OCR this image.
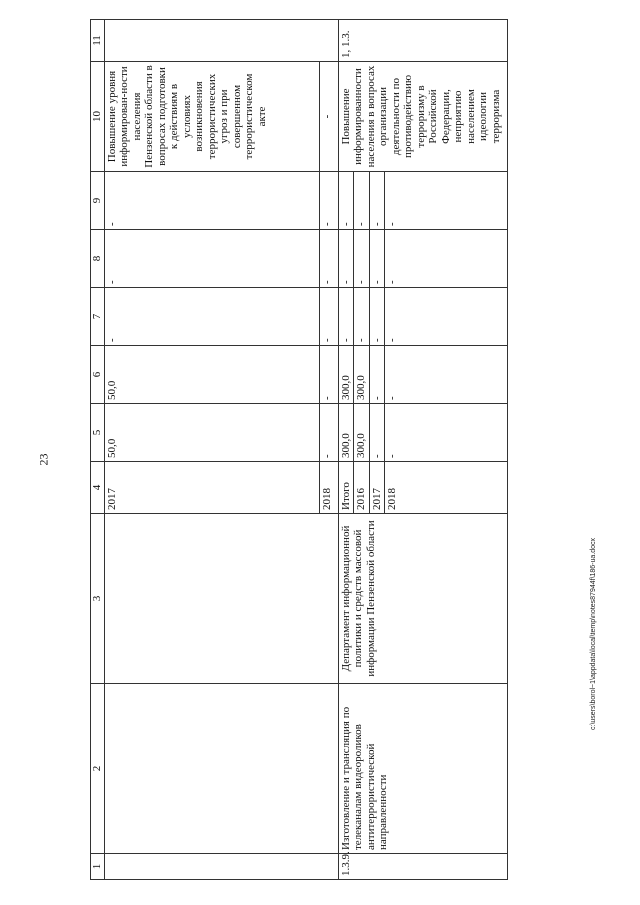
23
c:\users\borol~1\appdata\local\temp\notes87944f\186-ua.docx
1	2	3	4	5	6	7	8	9	10	11
			2017	50,0	50,0	-	-	-	Повышение уровня информирован-ности населения Пензенской области в вопросах подготовки к действиям в условиях возникновения террористических угроз и при совершенном террористическом акте	
			2018	-	-	-	-	-	-	
1.3.9.	Изготовление и трансляция по телеканалам видеороликов антитеррористической направленности	Департамент информационной политики и средств массовой информации Пензенской области	Итого	300,0	300,0	-	-	-	Повышение информированности населения в вопросах организации деятельности по противодействию терроризму в Российской Федерации, неприятию населением идеологии терроризма	1, 1.3.
			2016	300,0	300,0	-	-	-		
			2017	-	-	-	-	-		
			2018	-	-	-	-	-		
